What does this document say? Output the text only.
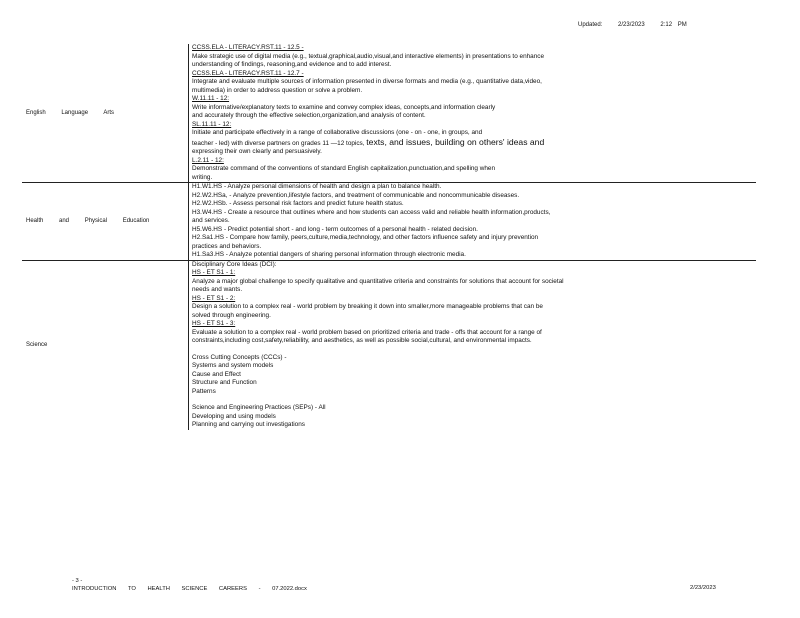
Updated:	2/23/2023	2:12 PM
English Language Arts
CCSS.ELA - LITERACY.RST.11 - 12.5 -
Make strategic use of digital media (e.g., textual,graphical,audio,visual,and interactive elements) in presentations to enhance
understanding of findings, reasoning,and evidence and to add interest.
CCSS.ELA - LITERACY.RST.11 - 12.7 -
Integrate and evaluate multiple sources of information presented in diverse formats and media (e.g., quantitative data,video,
multimedia) in order to address question or solve a problem.
W.11.11 - 12:
Write informative/explanatory texts to examine and convey complex ideas, concepts,and information clearly
and accurately through the effective selection,organization,and analysis of content.
SL.11.11 - 12:
Initiate and participate effectively in a range of collaborative discussions (one - on - one, in groups, and
teacher - led) with diverse partners on grades 11 —12 topics, texts, and issues, building on others' ideas and
expressing their own clearly and persuasively.
L.2.11 - 12:
Demonstrate command of the conventions of standard English capitalization,punctuation,and spelling when
writing.
Health and Physical Education
H1.W1.HS - Analyze personal dimensions of health and design a plan to balance health.
H2.W2.HSa, - Analyze prevention,lifestyle factors, and treatment of communicable and noncommunicable diseases.
H2.W2.HSb. - Assess personal risk factors and predict future health status.
H3.W4.HS - Create a resource that outlines where and how students can access valid and reliable health information,products,
and services.
H5.W6.HS - Predict potential short - and long - term outcomes of a personal health - related decision.
H2.Sa1.HS - Compare how family, peers,culture,media,technology, and other factors influence safety and injury prevention
practices and behaviors.
H1.Sa3.HS - Analyze potential dangers of sharing personal information through electronic media.
Science
Disciplinary Core Ideas (DCI):
HS - ET S1 - 1:
Analyze a major global challenge to specify qualitative and quantitative criteria and constraints for solutions that account for societal
needs and wants.
HS - ET S1 - 2:
Design a solution to a complex real - world problem by breaking it down into smaller,more manageable problems that can be
solved through engineering.
HS - ET S1 - 3:
Evaluate a solution to a complex real - world problem based on prioritized criteria and trade - offs that account for a range of
constraints,including cost,safety,reliability, and aesthetics, as well as possible social,cultural, and environmental impacts.
Cross Cutting Concepts (CCCs) -
Systems and system models
Cause and Effect
Structure and Function
Patterns
Science and Engineering Practices (SEPs) - All
Developing and using models
Planning and carrying out investigations
- 3 -
INTRODUCTION TO HEALTH SCIENCE CAREERS - 07.2022.docx	2/23/2023
